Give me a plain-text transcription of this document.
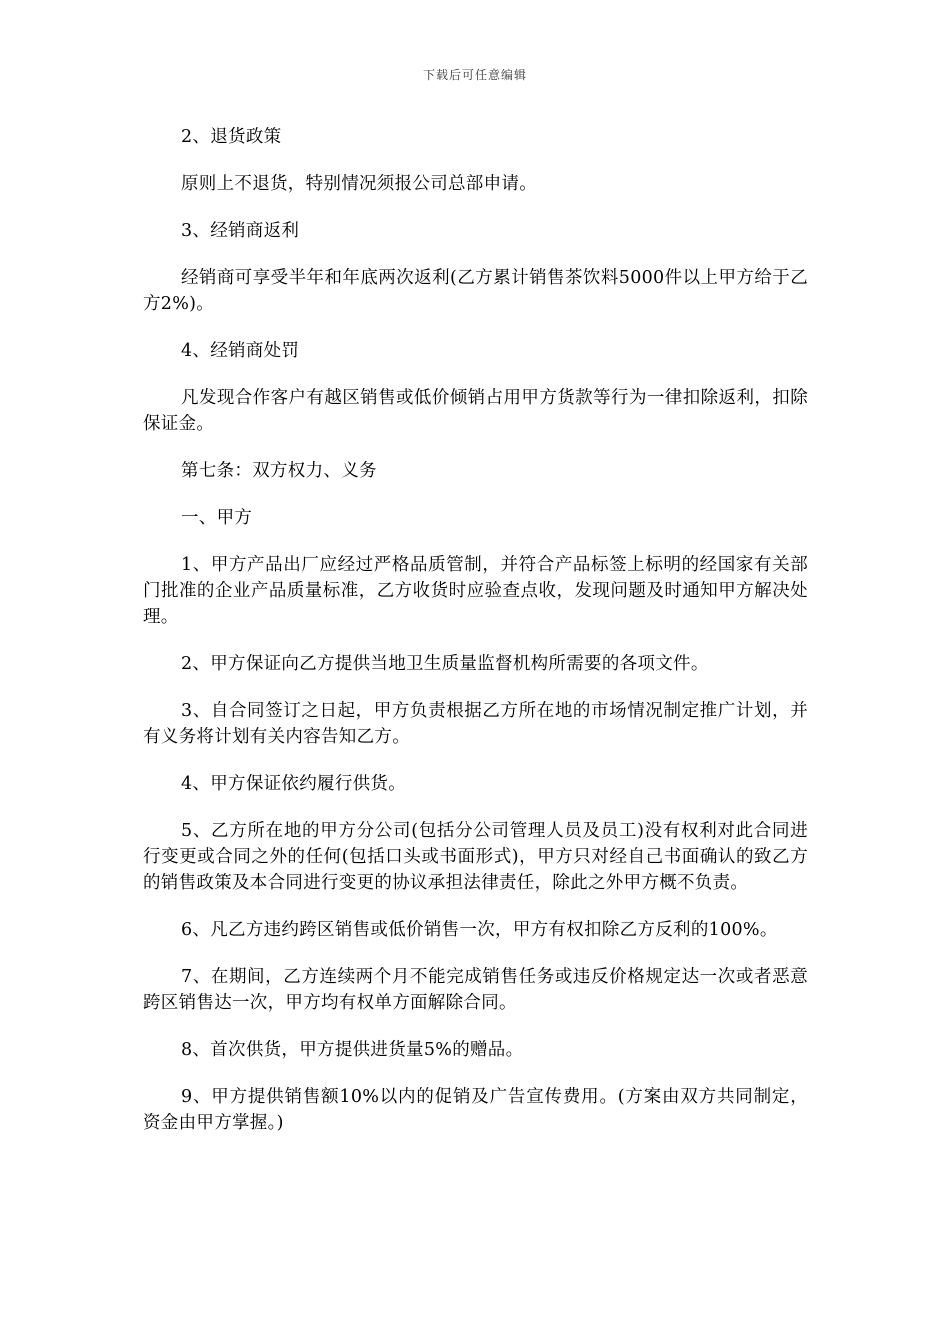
下载后可任意编辑

2、退货政策

原则上不退货，特别情况须报公司总部申请。

3、经销商返利

经销商可享受半年和年底两次返利(乙方累计销售茶饮料5000件以上甲方给于乙方2%)。

4、经销商处罚

凡发现合作客户有越区销售或低价倾销占用甲方货款等行为一律扣除返利，扣除保证金。

第七条：双方权力、义务

一、甲方

1、甲方产品出厂应经过严格品质管制，并符合产品标签上标明的经国家有关部门批准的企业产品质量标准，乙方收货时应验查点收，发现问题及时通知甲方解决处理。

2、甲方保证向乙方提供当地卫生质量监督机构所需要的各项文件。

3、自合同签订之日起，甲方负责根据乙方所在地的市场情况制定推广计划，并有义务将计划有关内容告知乙方。

4、甲方保证依约履行供货。

5、乙方所在地的甲方分公司(包括分公司管理人员及员工)没有权利对此合同进行变更或合同之外的任何(包括口头或书面形式)，甲方只对经自己书面确认的致乙方的销售政策及本合同进行变更的协议承担法律责任，除此之外甲方概不负责。

6、凡乙方违约跨区销售或低价销售一次，甲方有权扣除乙方反利的100%。

7、在期间，乙方连续两个月不能完成销售任务或违反价格规定达一次或者恶意跨区销售达一次，甲方均有权单方面解除合同。

8、首次供货，甲方提供进货量5%的赠品。

9、甲方提供销售额10%以内的促销及广告宣传费用。(方案由双方共同制定，资金由甲方掌握。)
